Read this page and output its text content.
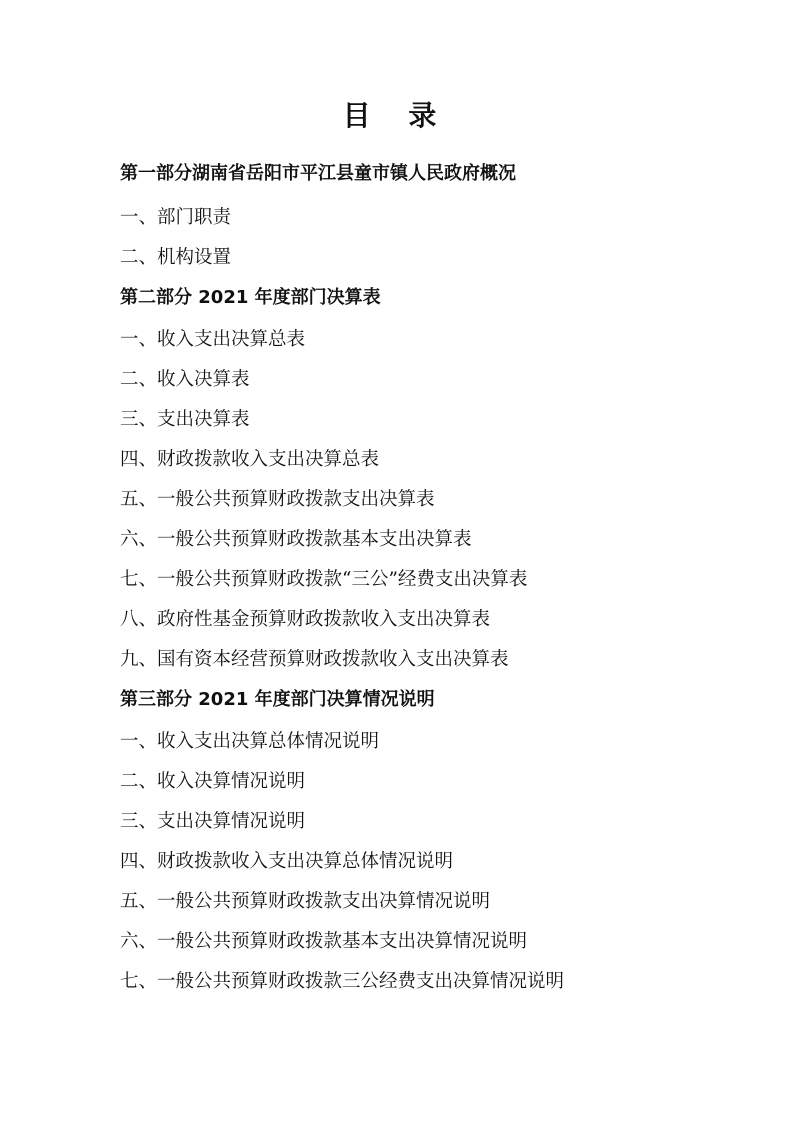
目 录
第一部分湖南省岳阳市平江县童市镇人民政府概况
一、部门职责
二、机构设置
第二部分 2021 年度部门决算表
一、收入支出决算总表
二、收入决算表
三、支出决算表
四、财政拨款收入支出决算总表
五、一般公共预算财政拨款支出决算表
六、一般公共预算财政拨款基本支出决算表
七、一般公共预算财政拨款“三公”经费支出决算表
八、政府性基金预算财政拨款收入支出决算表
九、国有资本经营预算财政拨款收入支出决算表
第三部分 2021 年度部门决算情况说明
一、收入支出决算总体情况说明
二、收入决算情况说明
三、支出决算情况说明
四、财政拨款收入支出决算总体情况说明
五、一般公共预算财政拨款支出决算情况说明
六、一般公共预算财政拨款基本支出决算情况说明
七、一般公共预算财政拨款三公经费支出决算情况说明
